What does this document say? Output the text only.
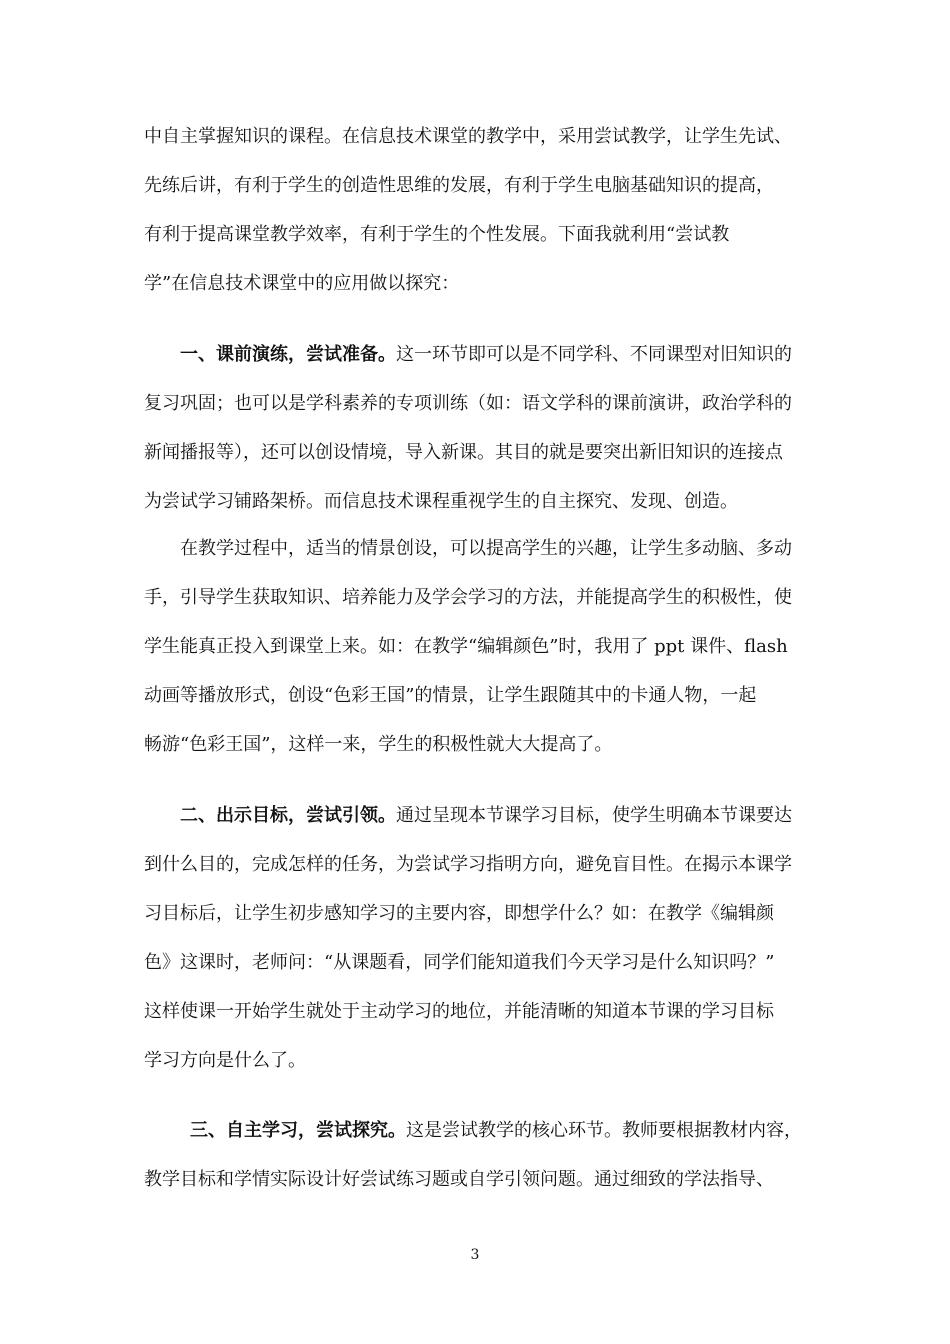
中自主掌握知识的课程。在信息技术课堂的教学中，采用尝试教学，让学生先试、
先练后讲，有利于学生的创造性思维的发展，有利于学生电脑基础知识的提高，
有利于提高课堂教学效率，有利于学生的个性发展。下面我就利用“尝试教
学”在信息技术课堂中的应用做以探究：
一、课前演练，尝试准备。这一环节即可以是不同学科、不同课型对旧知识的
复习巩固；也可以是学科素养的专项训练（如：语文学科的课前演讲，政治学科的
新闻播报等），还可以创设情境，导入新课。其目的就是要突出新旧知识的连接点
为尝试学习铺路架桥。而信息技术课程重视学生的自主探究、发现、创造。
在教学过程中，适当的情景创设，可以提高学生的兴趣，让学生多动脑、多动
手，引导学生获取知识、培养能力及学会学习的方法，并能提高学生的积极性，使
学生能真正投入到课堂上来。如：在教学“编辑颜色”时，我用了 ppt 课件、flash
动画等播放形式，创设“色彩王国”的情景，让学生跟随其中的卡通人物，一起
畅游“色彩王国”，这样一来，学生的积极性就大大提高了。
二、出示目标，尝试引领。通过呈现本节课学习目标，使学生明确本节课要达
到什么目的，完成怎样的任务，为尝试学习指明方向，避免盲目性。在揭示本课学
习目标后，让学生初步感知学习的主要内容，即想学什么？如：在教学《编辑颜
色》这课时，老师问：“从课题看，同学们能知道我们今天学习是什么知识吗？”
这样使课一开始学生就处于主动学习的地位，并能清晰的知道本节课的学习目标
学习方向是什么了。
三、自主学习，尝试探究。这是尝试教学的核心环节。教师要根据教材内容，
教学目标和学情实际设计好尝试练习题或自学引领问题。通过细致的学法指导、
3
